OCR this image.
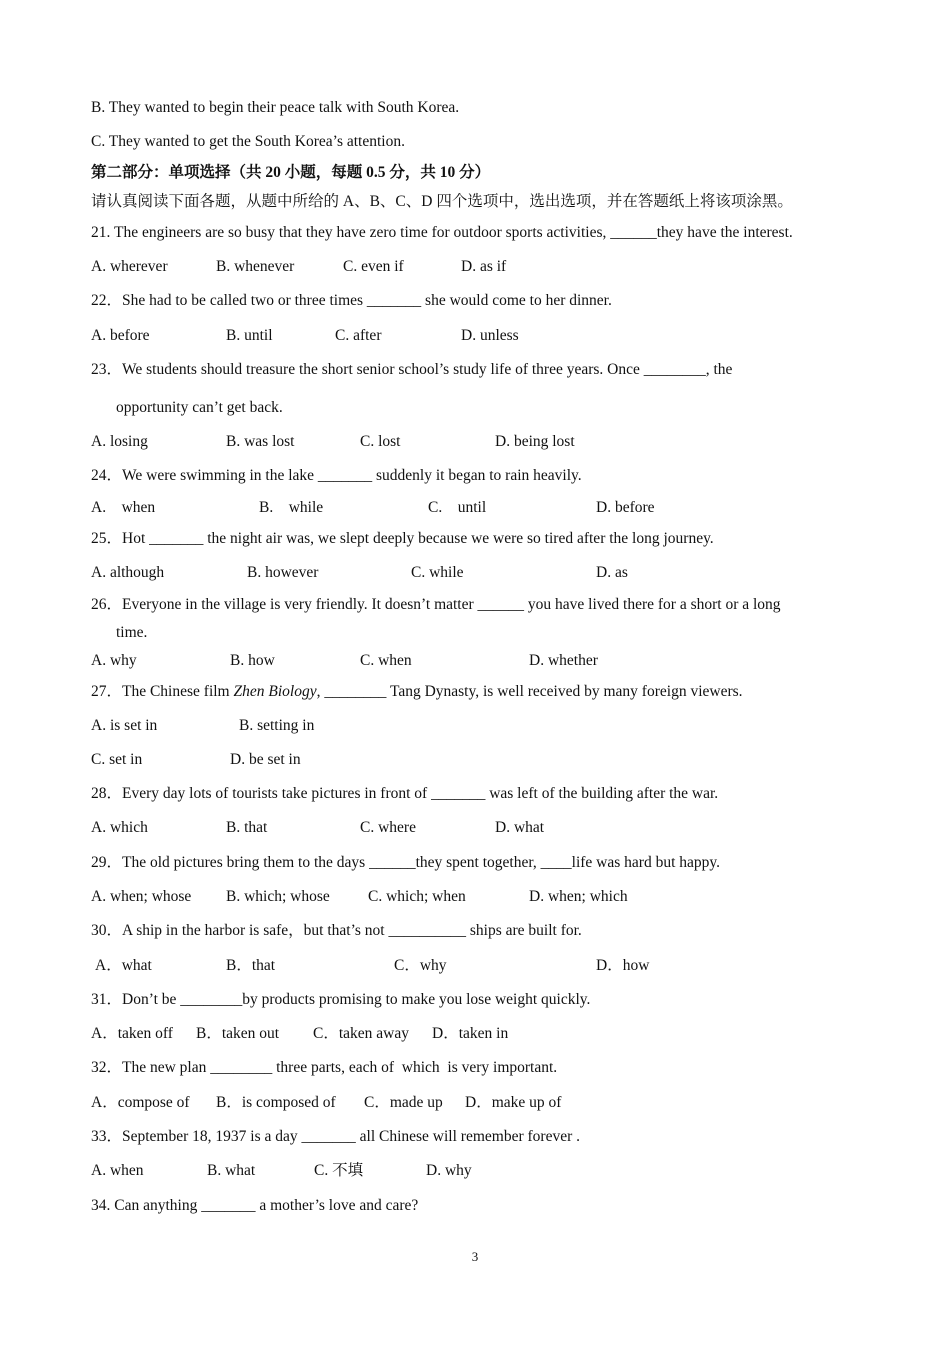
B. They wanted to begin their peace talk with South Korea.
C. They wanted to get the South Korea’s attention.
第二部分：单项选择（共 20 小题，每题 0.5 分，共 10 分）
请认真阅读下面各题，从题中所给的 A、B、C、D 四个选项中，选出选项，并在答题纸上将该项涂黑。
21. The engineers are so busy that they have zero time for outdoor sports activities, ______they have the interest.
A. wherever	B. whenever	C. even if	D. as if
22．She had to be called two or three times _______ she would come to her dinner.
A. before	B. until	C. after	D. unless
23．We students should treasure the short senior school’s study life of three years. Once ________, the
opportunity can’t get back.
A. losing	B. was lost	C. lost	D. being lost
24．We were swimming in the lake _______ suddenly it began to rain heavily.
A.    when	B.    while	C.    until	D. before
25．Hot _______ the night air was, we slept deeply because we were so tired after the long journey.
A. although	B. however	C. while	D. as
26．Everyone in the village is very friendly. It doesn’t matter ______ you have lived there for a short or a long
time.
A. why	B. how	C. when	D. whether
27．The Chinese film Zhen Biology, ________ Tang Dynasty, is well received by many foreign viewers.
A. is set in	B. setting in
C. set in	D. be set in
28．Every day lots of tourists take pictures in front of _______ was left of the building after the war.
A. which	B. that	C. where	D. what
29．The old pictures bring them to the days ______they spent together, ____life was hard but happy.
A. when; whose B. which; whose C. which; when	D. when; which
30．A ship in the harbor is safe，but that’s not __________ ships are built for.
A．what	B．that	C．why	D．how
31．Don’t be ________by products promising to make you lose weight quickly.
A．taken off B．taken out C．taken away D．taken in
32．The new plan ________ three parts, each of  which  is very important.
A．compose of B．is composed of C．made up D．make up of
33．September 18, 1937 is a day _______ all Chinese will remember forever .
A. when	B. what	C. 不填	D. why
34. Can anything _______ a mother’s love and care?
3
